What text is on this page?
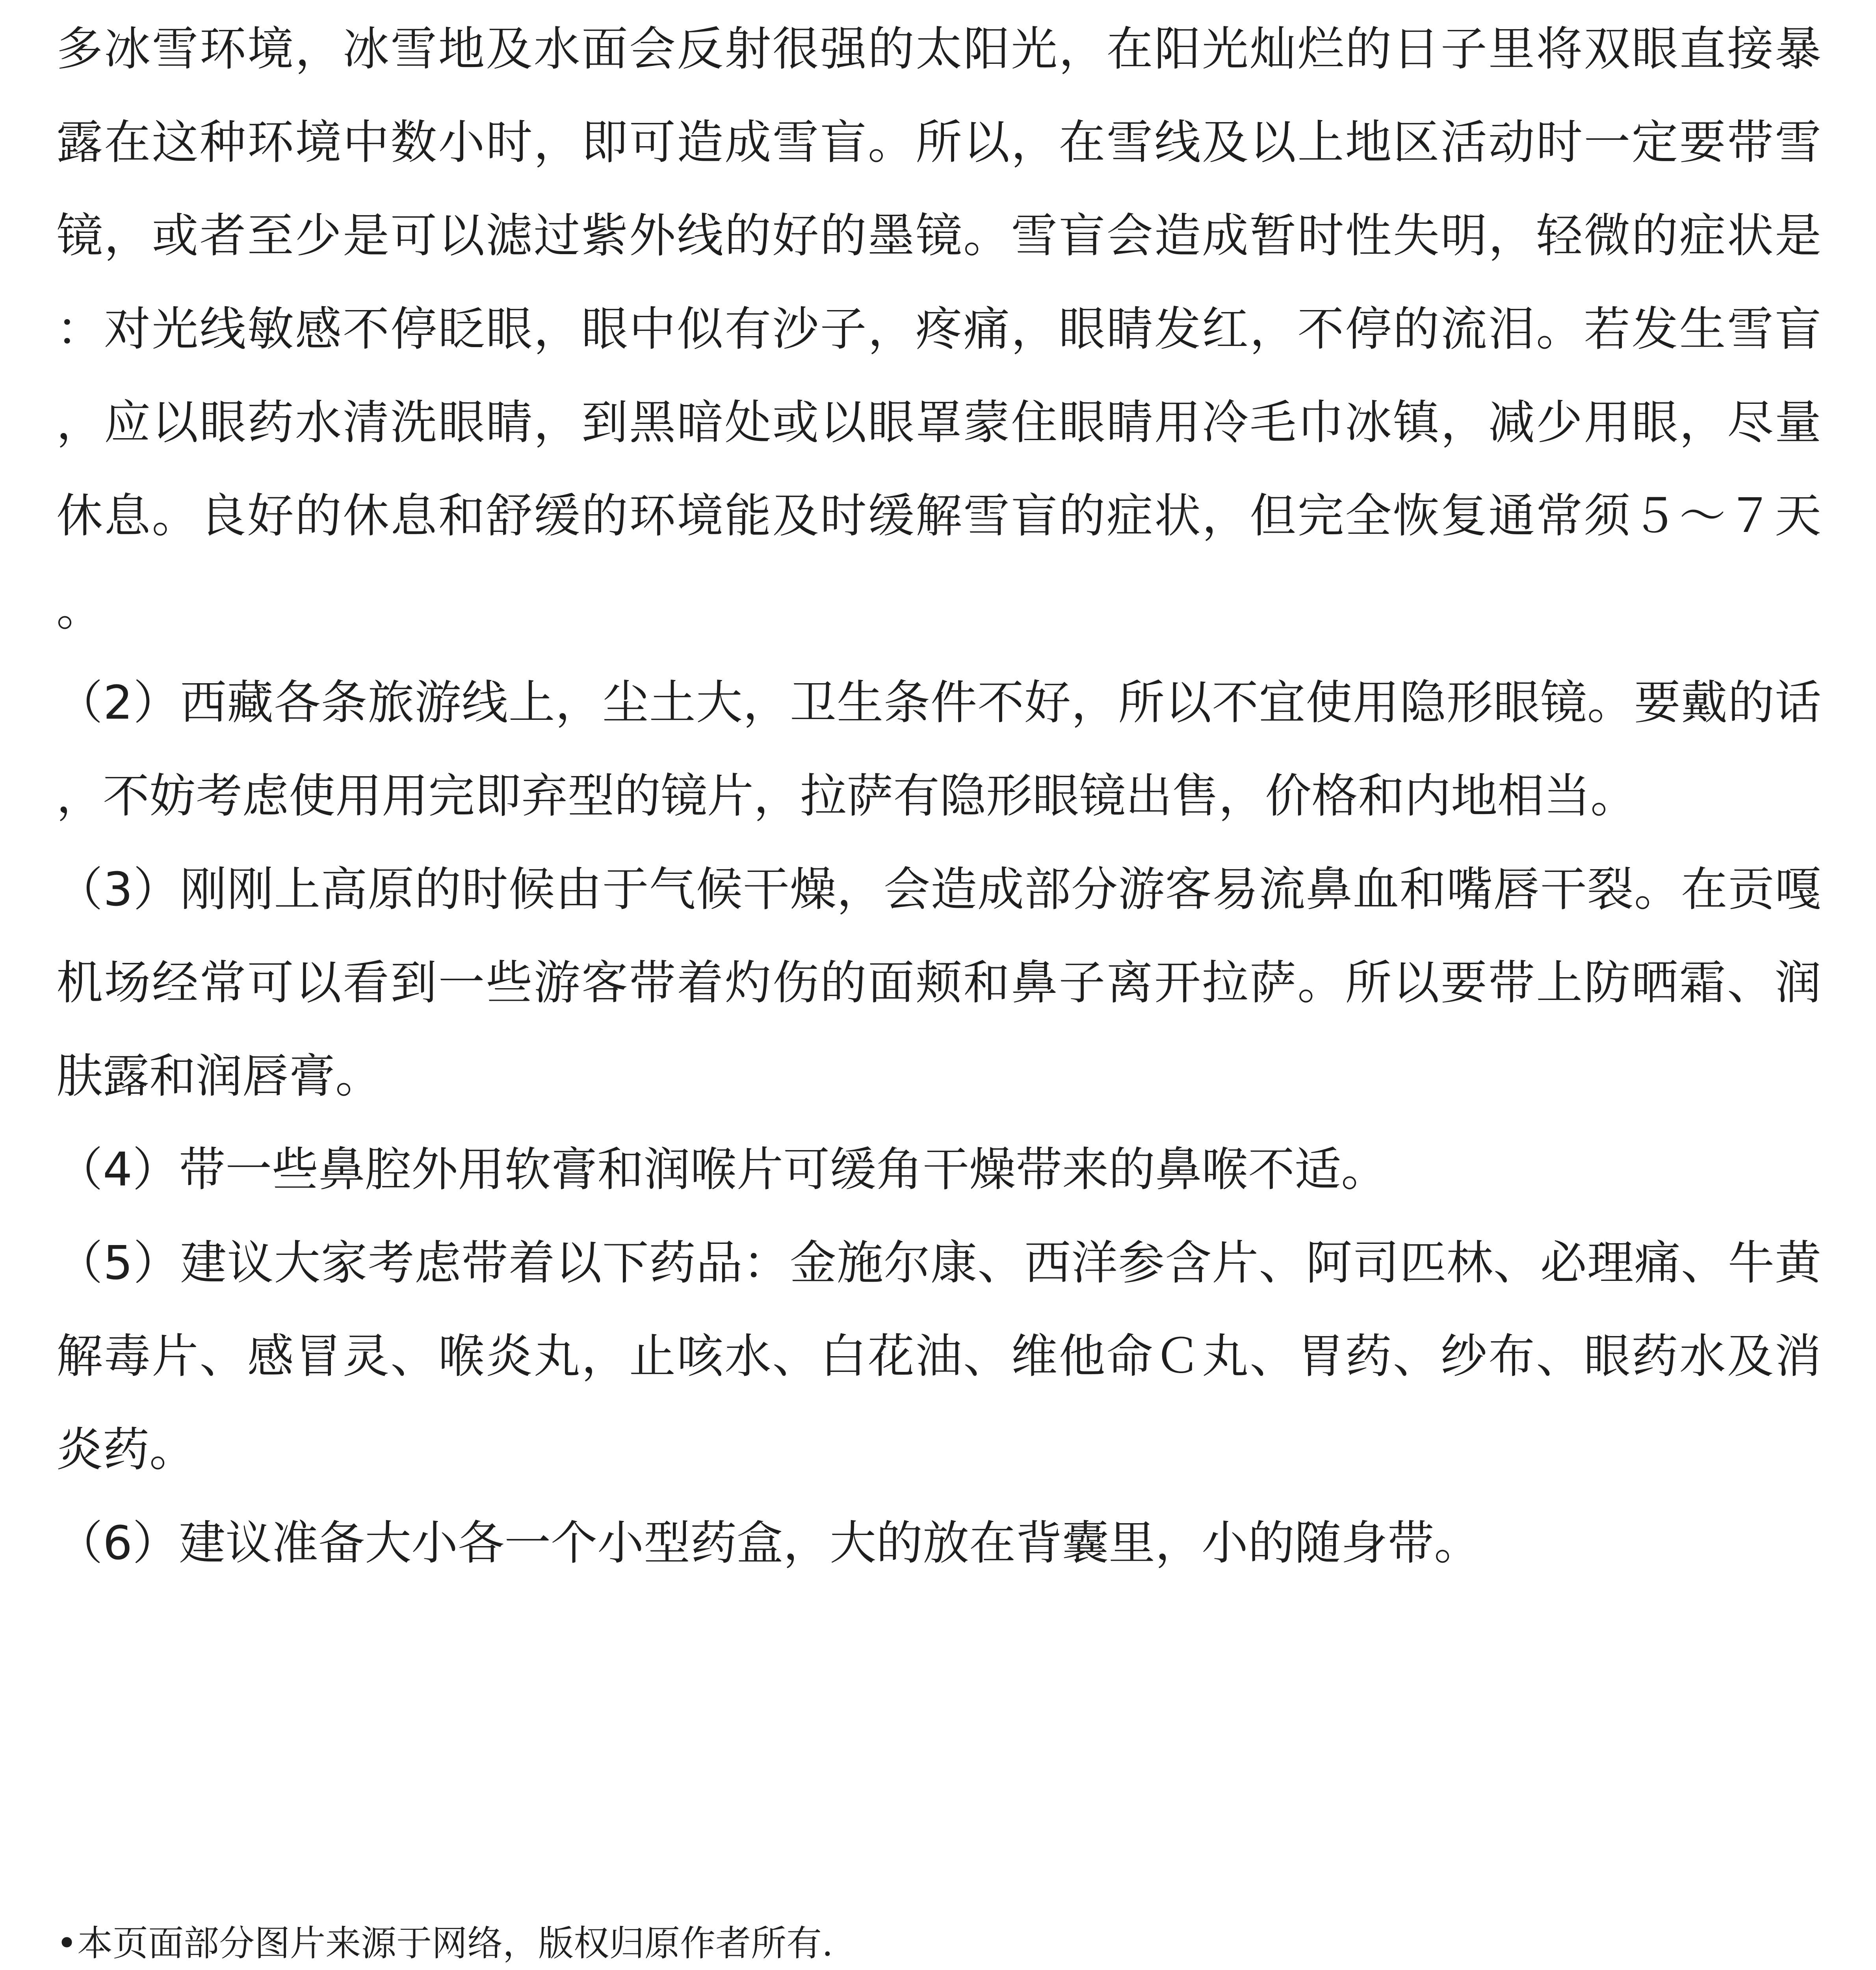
多冰雪环境，冰雪地及水面会反射很强的太阳光，在阳光灿烂的日子里将双眼直接暴露在这种环境中数小时，即可造成雪盲。所以，在雪线及以上地区活动时一定要带雪镜，或者至少是可以滤过紫外线的好的墨镜。雪盲会造成暂时性失明，轻微的症状是：对光线敏感不停眨眼，眼中似有沙子，疼痛，眼睛发红，不停的流泪。若发生雪盲，应以眼药水清洗眼睛，到黑暗处或以眼罩蒙住眼睛用冷毛巾冰镇，减少用眼，尽量休息。良好的休息和舒缓的环境能及时缓解雪盲的症状，但完全恢复通常须５～７天。

（2）西藏各条旅游线上，尘土大，卫生条件不好，所以不宜使用隐形眼镜。要戴的话，不妨考虑使用用完即弃型的镜片，拉萨有隐形眼镜出售，价格和内地相当。

（3）刚刚上高原的时候由于气候干燥，会造成部分游客易流鼻血和嘴唇干裂。在贡嘎机场经常可以看到一些游客带着灼伤的面颊和鼻子离开拉萨。所以要带上防晒霜、润肤露和润唇膏。

（4）带一些鼻腔外用软膏和润喉片可缓角干燥带来的鼻喉不适。

（5）建议大家考虑带着以下药品：金施尔康、西洋参含片、阿司匹林、必理痛、牛黄解毒片、感冒灵、喉炎丸，止咳水、白花油、维他命Ｃ丸、胃药、纱布、眼药水及消炎药。

（6）建议准备大小各一个小型药盒，大的放在背囊里，小的随身带。

•本页面部分图片来源于网络，版权归原作者所有.
